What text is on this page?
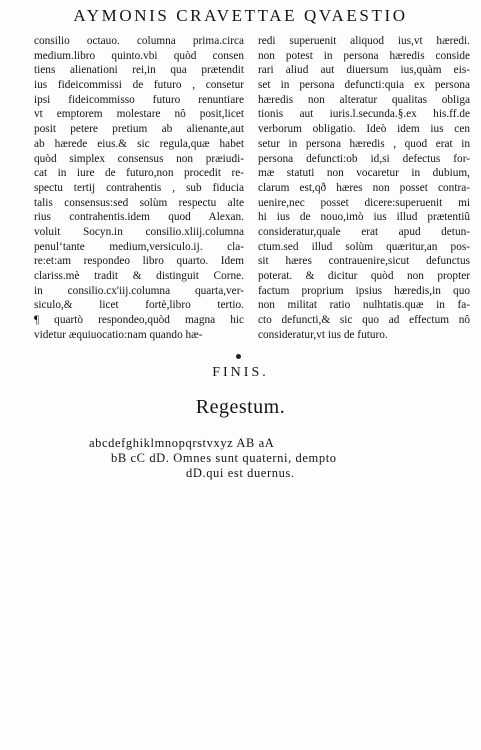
AYMONIS CRAVETTAE QVAESTIO
consilio octauo. columna prima.circa
medium.libro quinto.vbi quòd consen
tiens alienationi rei,in qua prætendit
ius fideicommissi de futuro , consetur
ipsi fideicommisso futuro renuntiare
vt emptorem molestare nô posit,licet
posit petere pretium ab alienante,aut
ab hærede eius.& sic regula,quæ habet
quòd simplex consensus non præiudi-
cat in iure de futuro,non procedit re-
spectu tertij contrahentis , sub fiducia
talis consensus:sed solùm respectu alte
rius contrahentis.idem quod Alexan.
voluit Socyn.in consilio.xliij.columna
penul‘tante medium,versiculo.ij. cla-
re:et:am respondeo libro quarto. Idem
clariss.mè tradit & distinguit Corne.
in consilio.cx'iij.columna quarta,ver-
siculo,& licet fortè,libro tertio.
¶ quartò respondeo,quòd magna hic
videtur æquiuocatio:nam quando hæ-
redi superuenit aliquod ius,vt hæredi.
non potest in persona hæredis conside
rari aliud aut diuersum ius,quàm eis-
set in persona defuncti:quia ex persona
hæredis non alteratur qualitas obliga
tionis aut iuris.l.secunda.§.ex his.ff.de
verborum obligatio. Ideò idem ius cen
setur in persona hæredis , quod erat in
persona defuncti:ob id,si defectus for-
mæ statuti non vocaretur in dubium,
clarum est,qð hæres non posset contra-
uenire,nec posset dicere:superuenit mi
hi ius de nouo,imò ius illud prætentiû
consideratur,quale erat apud detun-
ctum.sed illud solùm quæritur,an pos-
sit hæres contrauenire,sicut defunctus
poterat. & dicitur quòd non propter
factum proprium ipsius hæredis,in quo
non militat ratio nulhtatis.quæ in fa-
cto defuncti,& sic quo ad effectum nô
consideratur,vt ius de futuro.
FINIS.
Regestum.
abcdefghiklmnopqrstvxyz AB aA
bB cC dD. Omnes sunt quaterni, dempto
dD.qui est duernus.
